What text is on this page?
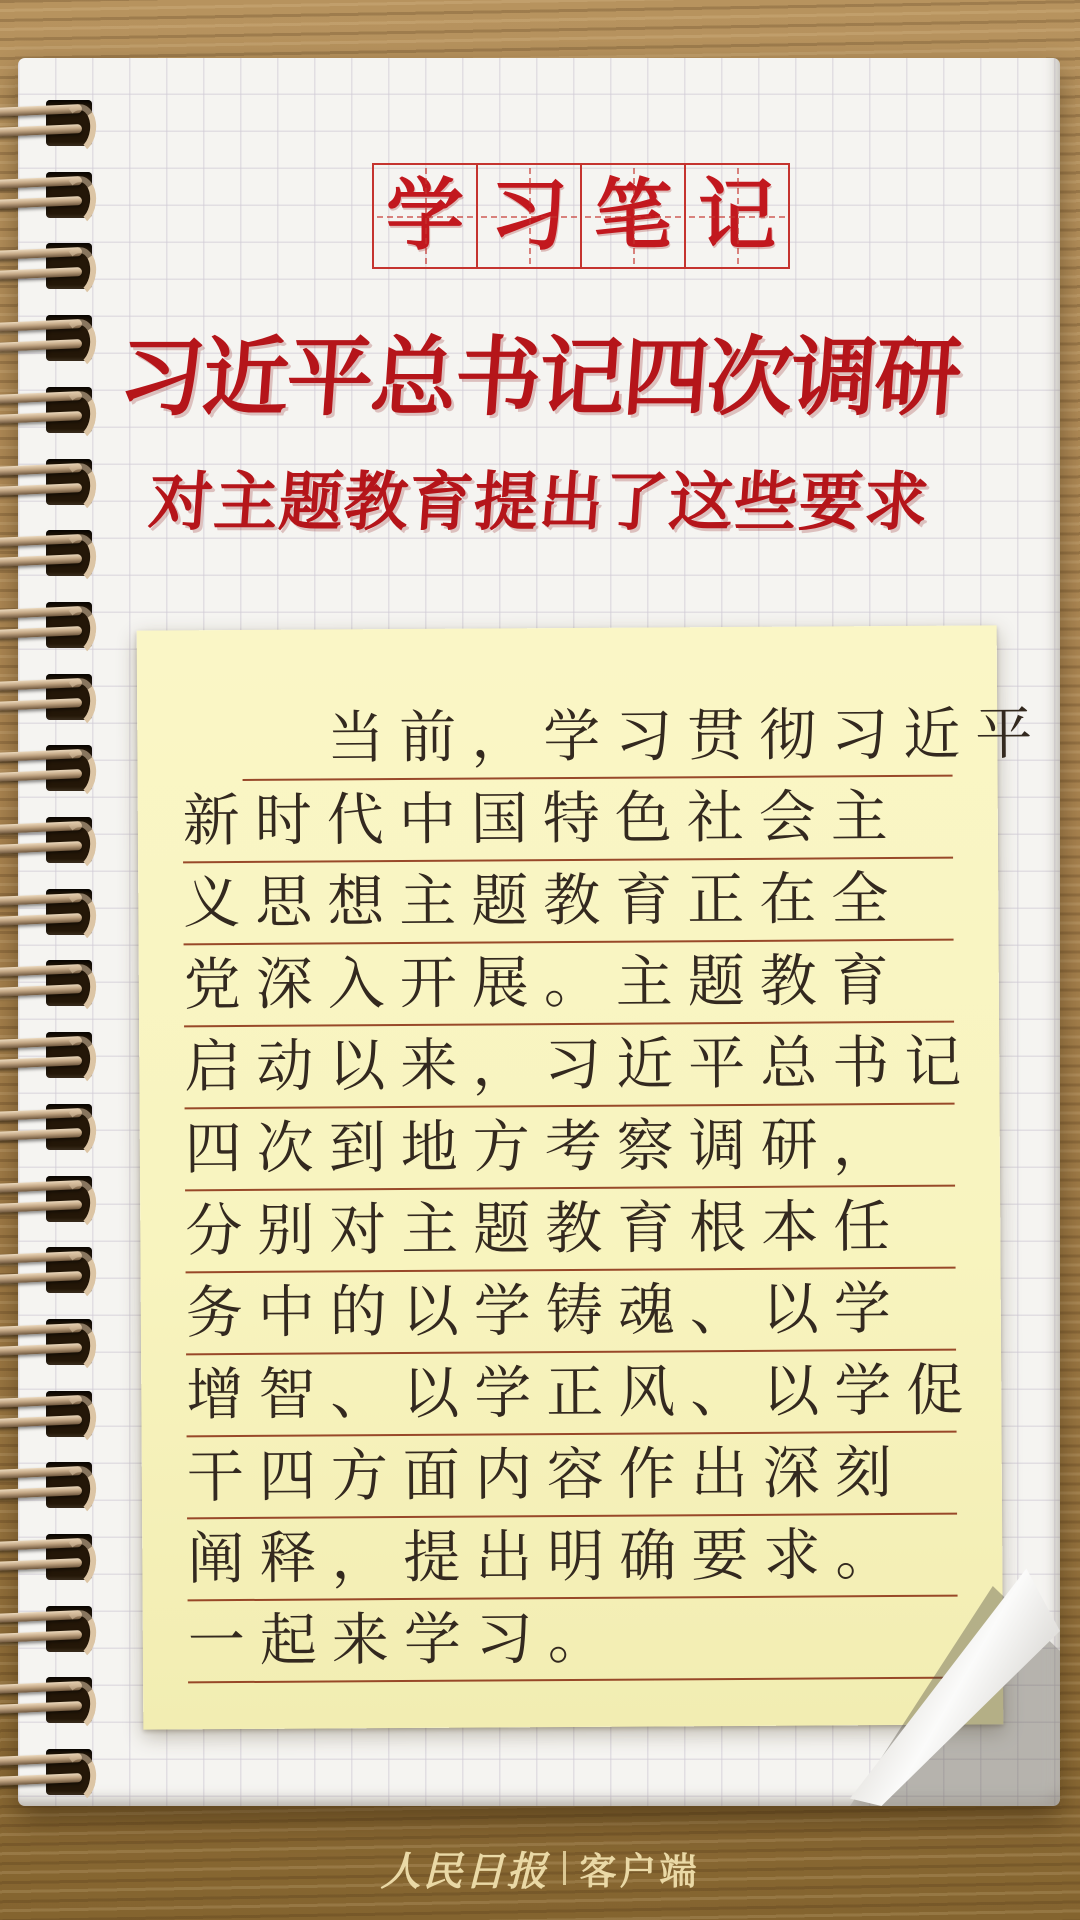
学 习 笔 记
习近平总书记四次调研
对主题教育提出了这些要求
当前，学习贯彻习近平
新时代中国特色社会主
义思想主题教育正在全
党深入开展。主题教育
启动以来，习近平总书记
四次到地方考察调研，
分别对主题教育根本任
务中的以学铸魂、以学
增智、以学正风、以学促
干四方面内容作出深刻
阐释，提出明确要求。
一起来学习。
人民日报 客户端
